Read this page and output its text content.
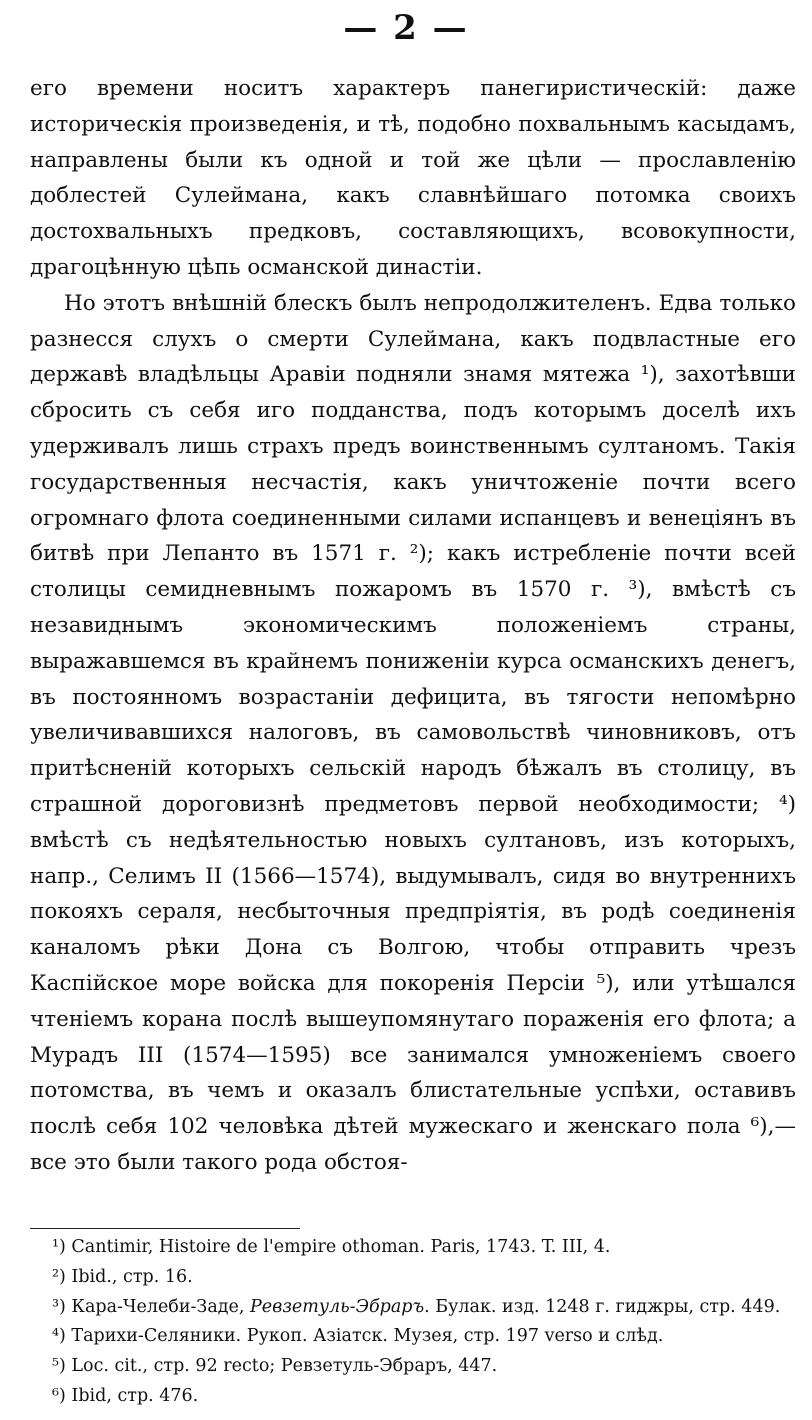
— 2 —

его времени носитъ характеръ панегиристическій: даже историческія произведенія, и тѣ, подобно похвальнымъ касыдамъ, направлены были къ одной и той же цѣли — прославленію доблестей Сулеймана, какъ славнѣйшаго потомка своихъ достохвальныхъ предковъ, составляющихъ, всовокупности, драгоцѣнную цѣпь османской династіи.

Но этотъ внѣшній блескъ былъ непродолжителенъ. Едва только разнесся слухъ о смерти Сулеймана, какъ подвластные его державѣ владѣльцы Аравіи подняли знамя мятежа ¹), захотѣвши сбросить съ себя иго подданства, подъ которымъ доселѣ ихъ удерживалъ лишь страхъ предъ воинственнымъ султаномъ. Такія государственныя несчастія, какъ уничтоженіе почти всего огромнаго флота соединенными силами испанцевъ и венеціянъ въ битвѣ при Лепанто въ 1571 г. ²); какъ истребленіе почти всей столицы семидневнымъ пожаромъ въ 1570 г. ³), вмѣстѣ съ незавиднымъ экономическимъ положеніемъ страны, выражавшемся въ крайнемъ пониженіи курса османскихъ денегъ, въ постоянномъ возрастаніи дефицита, въ тягости непомѣрно увеличивавшихся налоговъ, въ самовольствѣ чиновниковъ, отъ притѣсненій которыхъ сельскій народъ бѣжалъ въ столицу, въ страшной дороговизнѣ предметовъ первой необходимости; ⁴) вмѣстѣ съ недѣятельностью новыхъ султановъ, изъ которыхъ, напр., Селимъ II (1566—1574), выдумывалъ, сидя во внутреннихъ покояхъ сераля, несбыточныя предпріятія, въ родѣ соединенія каналомъ рѣки Дона съ Волгою, чтобы отправить чрезъ Каспійское море войска для покоренія Персіи ⁵), или утѣшался чтеніемъ корана послѣ вышеупомянутаго пораженія его флота; а Мурадъ III (1574—1595) все занимался умноженіемъ своего потомства, въ чемъ и оказалъ блистательные успѣхи, оставивъ послѣ себя 102 человѣка дѣтей мужескаго и женскаго пола ⁶),—все это были такого рода обстоя-

¹) Cantimir, Histoire de l'empire othoman. Paris, 1743. T. III, 4.

²) Ibid., стр. 16.

³) Кара-Челеби-Заде, Ревзетуль-Эбраръ. Булак. изд. 1248 г. гиджры, стр. 449.

⁴) Тарихи-Селяники. Рукоп. Азіатск. Музея, стр. 197 verso и слѣд.

⁵) Loc. cit., стр. 92 recto; Ревзетуль-Эбраръ, 447.

⁶) Ibid, стр. 476.
